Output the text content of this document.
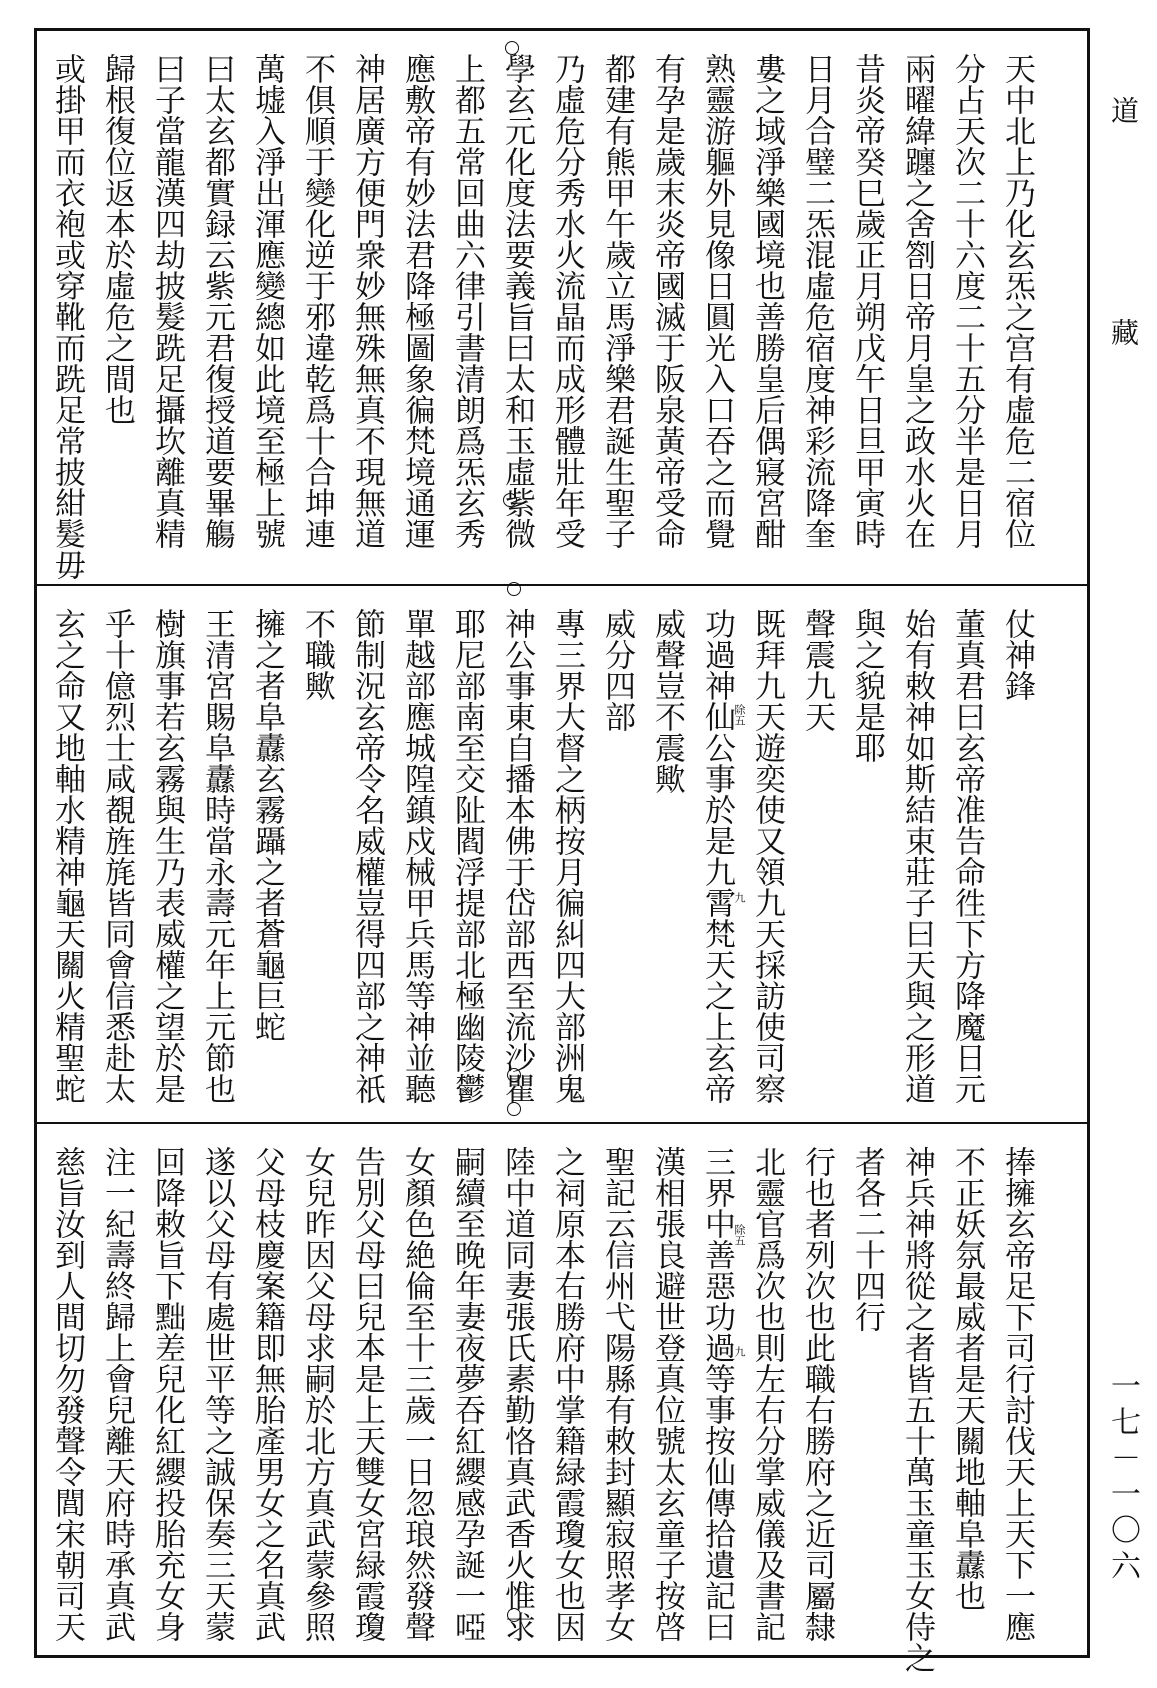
道
藏
一七－一〇六
天中北上乃化玄炁之宫有虛危二宿位
分占天次二十六度二十五分半是日月
兩曜緯躔之舍劄日帝月皇之政水火在
昔炎帝癸巳歲正月朔戊午日旦甲寅時
日月合璧二炁混虛危宿度神彩流降奎
婁之域淨樂國境也善勝皇后偶寢宮酣
熟靈游軀外見像日圓光入口吞之而覺
有孕是歲末炎帝國滅于阪泉黃帝受命
都建有熊甲午歲立馬淨樂君誕生聖子
乃虛危分秀水火流晶而成形體壯年受
學玄元化度法要義旨曰太和玉虛紫微
上都五常回曲六律引書清朗爲炁玄秀
應敷帝有妙法君降極圖象徧梵境通運
神居廣方便門衆妙無殊無真不現無道
不俱順于變化逆于邪違乾爲十合坤連
萬墟入淨出渾應變總如此境至極上號
曰太玄都實録云紫元君復授道要畢觴
曰子當龍漢四劫披髮跣足攝坎離真精
歸根復位返本於虛危之間也
或掛甲而衣袍或穿靴而跣足常披紺髮毋
除五
九
仗神鋒
董真君曰玄帝准告命徃下方降魔日元
始有敕神如斯結束莊子曰天與之形道
與之貌是耶
聲震九天
既拜九天遊奕使又領九天採訪使司察
功過神仙公事於是九霄梵天之上玄帝
威聲豈不震歟
威分四部
專三界大督之柄按月徧糾四大部洲鬼
神公事東自播本佛于岱部西至流沙瞿
耶尼部南至交阯閻浮提部北極幽陵鬱
單越部應城隍鎮戍械甲兵馬等神並聽
節制況玄帝令名威權豈得四部之神祇
不職歟
擁之者阜纛玄霧躡之者蒼龜巨蛇
王清宮賜阜纛時當永壽元年上元節也
樹旗事若玄霧與生乃表威權之望於是
乎十億烈士咸覩旌旄皆同會信悉赴太
玄之命又地軸水精神龜天關火精聖蛇
除五
九	捧擁玄帝足下司行討伐天上天下一應
不正妖氛最威者是天關地軸阜纛也
神兵神將從之者皆五十萬玉童玉女侍之
者各二十四行
行也者列次也此職右勝府之近司屬隸
北靈官爲次也則左右分掌威儀及書記
三界中善惡功過等事按仙傳拾遺記曰
漢相張良避世登真位號太玄童子按啓
聖記云信州弋陽縣有敕封顯寂照孝女
之祠原本右勝府中掌籍緑霞瓊女也因
陸中道同妻張氏素勤恪真武香火惟求
嗣續至晚年妻夜夢吞紅纓感孕誕一啞
女顏色絶倫至十三歲一日忽琅然發聲
告別父母曰兒本是上天雙女宮緑霞瓊
女兒昨因父母求嗣於北方真武蒙參照
父母枝慶案籍即無胎產男女之名真武
遂以父母有處世平等之誠保奏三天蒙
回降敕旨下黜差兒化紅纓投胎充女身
注一紀壽終歸上會兒離天府時承真武
慈旨汝到人間切勿發聲令閭宋朝司天
